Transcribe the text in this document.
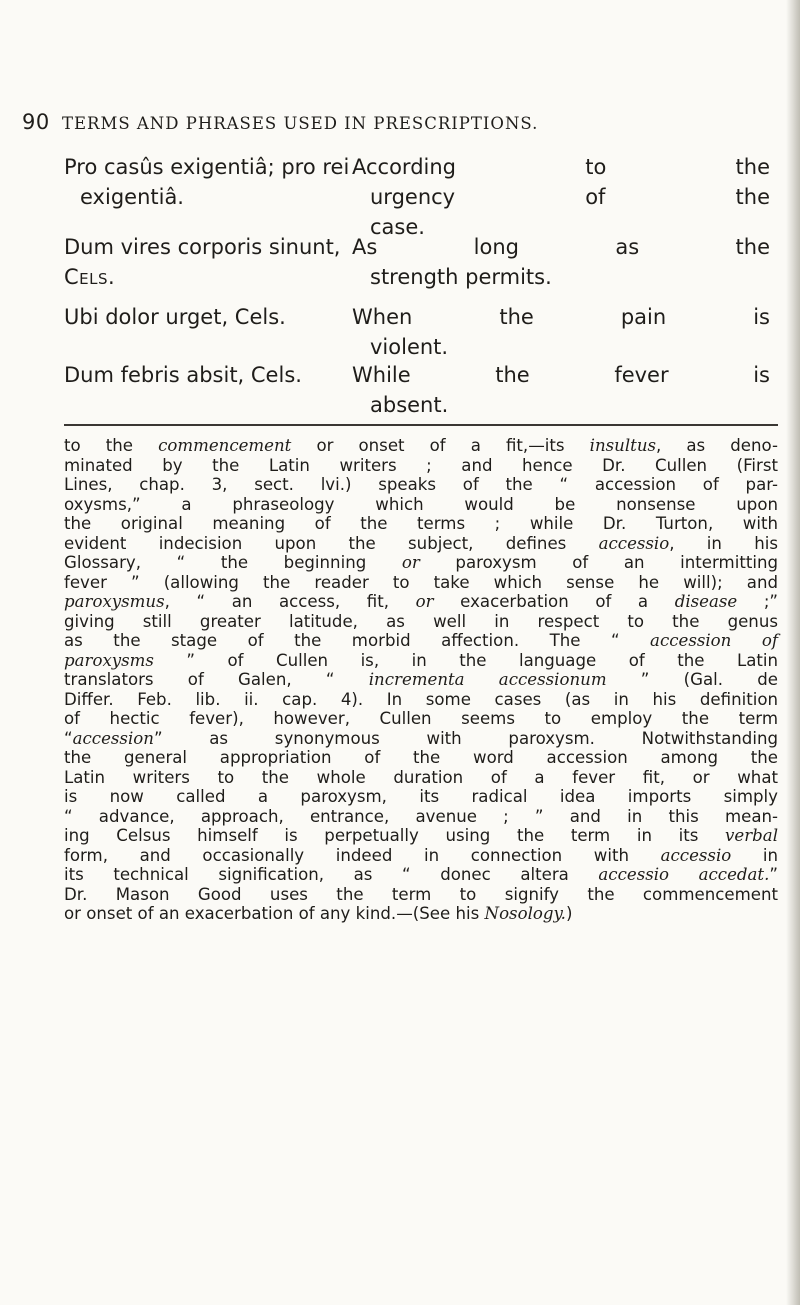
90 TERMS AND PHRASES USED IN PRESCRIPTIONS.
Pro casûs exigentiâ; pro rei
exigentiâ.
According to the
urgency of the
case.
Dum vires corporis sinunt,
Cels.
As long as the
strength permits.
Ubi dolor urget, Cels.	When the pain is
violent.
Dum febris absit, Cels.	While the fever is
absent.
to the commencement or onset of a fit,—its insultus, as deno-
minated by the Latin writers ; and hence Dr. Cullen (First
Lines, chap. 3, sect. lvi.) speaks of the “ accession of par-
oxysms,” a phraseology which would be nonsense upon
the original meaning of the terms ; while Dr. Turton, with
evident indecision upon the subject, defines accessio, in his
Glossary, “ the beginning or paroxysm of an intermitting
fever ” (allowing the reader to take which sense he will); and
paroxysmus, “ an access, fit, or exacerbation of a disease ;”
giving still greater latitude, as well in respect to the genus
as the stage of the morbid affection. The “ accession of
paroxysms ” of Cullen is, in the language of the Latin
translators of Galen, “ incrementa accessionum ” (Gal. de
Differ. Feb. lib. ii. cap. 4). In some cases (as in his definition
of hectic fever), however, Cullen seems to employ the term
“accession” as synonymous with paroxysm. Notwithstanding
the general appropriation of the word accession among the
Latin writers to the whole duration of a fever fit, or what
is now called a paroxysm, its radical idea imports simply
“ advance, approach, entrance, avenue ; ” and in this mean-
ing Celsus himself is perpetually using the term in its verbal
form, and occasionally indeed in connection with accessio in
its technical signification, as “ donec altera accessio accedat.”
Dr. Mason Good uses the term to signify the commencement
or onset of an exacerbation of any kind.—(See his Nosology.)
